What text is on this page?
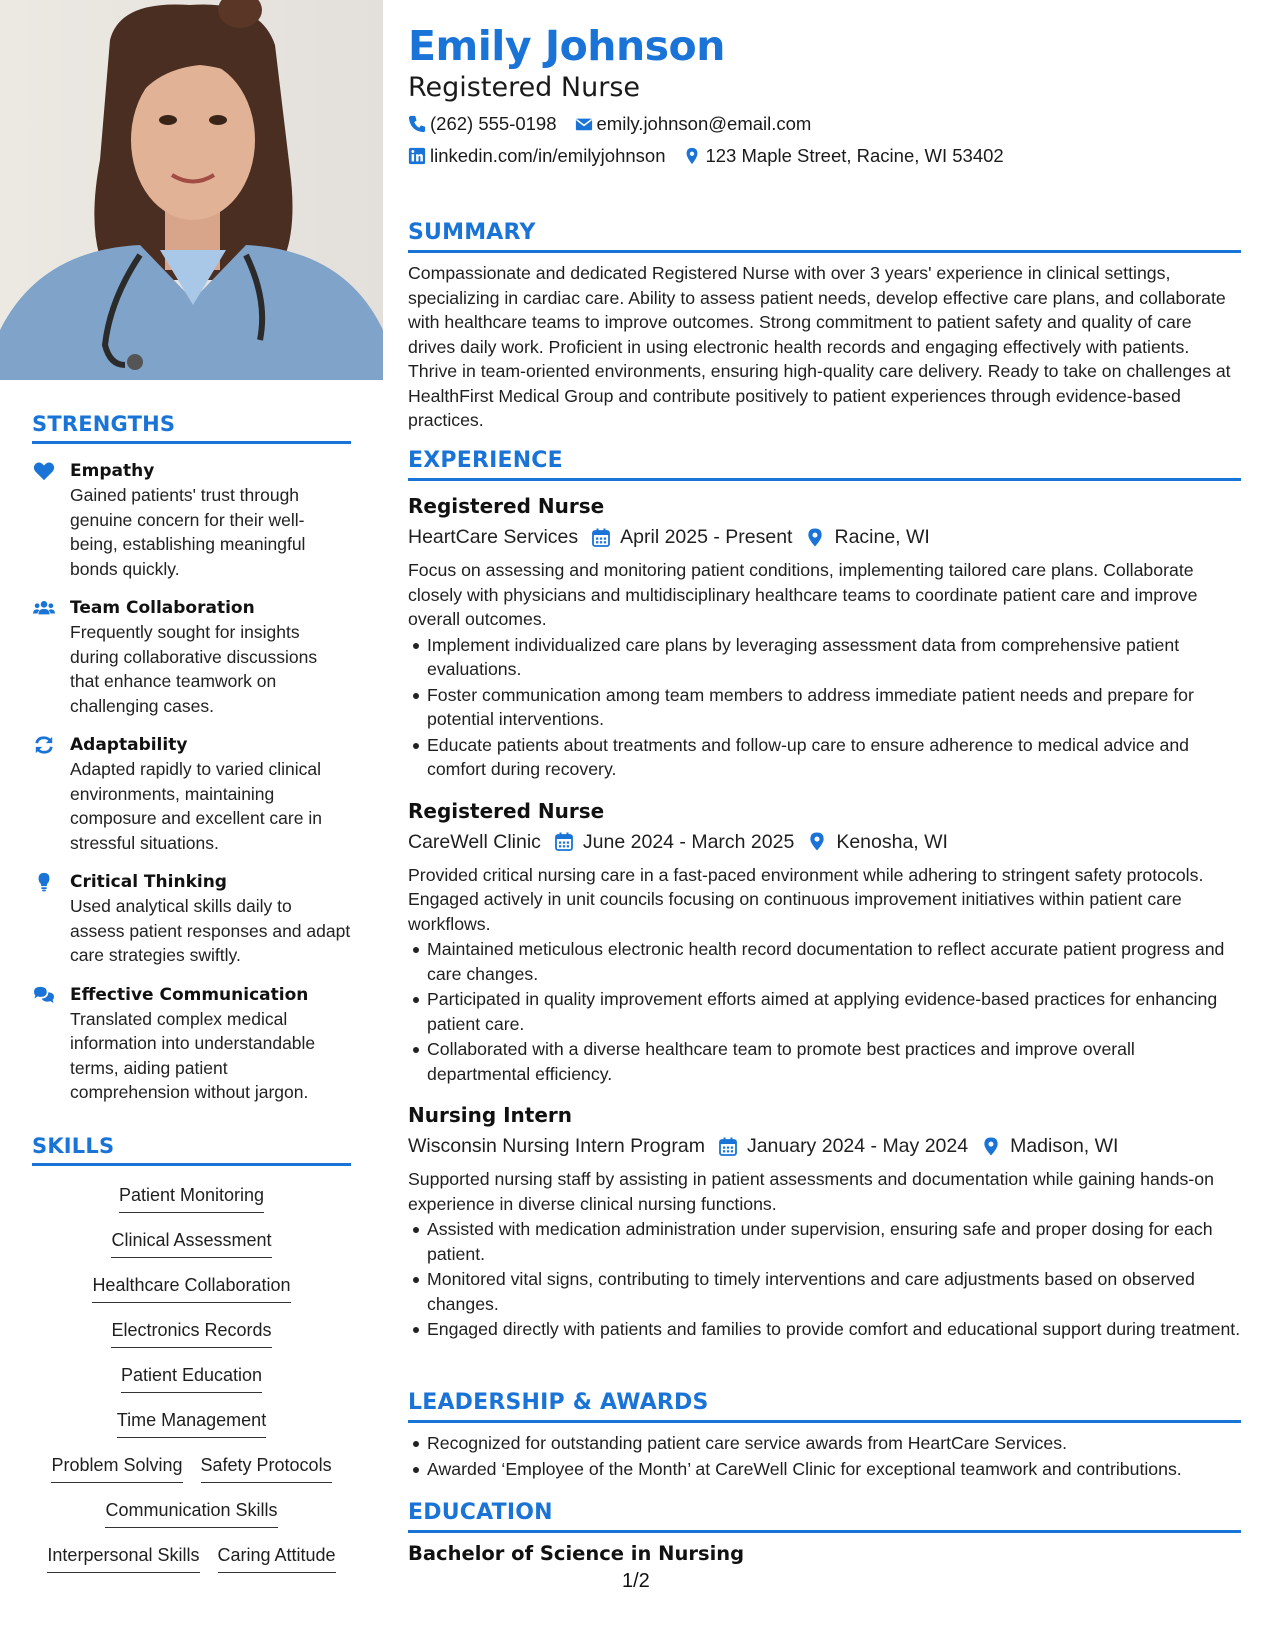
STRENGTHS
Empathy
Gained patients' trust through genuine concern for their well-being, establishing meaningful bonds quickly.
Team Collaboration
Frequently sought for insights during collaborative discussions that enhance teamwork on challenging cases.
Adaptability
Adapted rapidly to varied clinical environments, maintaining composure and excellent care in stressful situations.
Critical Thinking
Used analytical skills daily to assess patient responses and adapt care strategies swiftly.
Effective Communication
Translated complex medical information into understandable terms, aiding patient comprehension without jargon.
SKILLS
Patient Monitoring
Clinical Assessment
Healthcare Collaboration
Electronics Records
Patient Education
Time Management
Problem Solving Safety Protocols
Communication Skills
Interpersonal Skills Caring Attitude
Emily Johnson
Registered Nurse
(262) 555-0198 emily.johnson@email.com
linkedin.com/in/emilyjohnson 123 Maple Street, Racine, WI 53402
SUMMARY
Compassionate and dedicated Registered Nurse with over 3 years' experience in clinical settings, specializing in cardiac care. Ability to assess patient needs, develop effective care plans, and collaborate with healthcare teams to improve outcomes. Strong commitment to patient safety and quality of care drives daily work. Proficient in using electronic health records and engaging effectively with patients. Thrive in team-oriented environments, ensuring high-quality care delivery. Ready to take on challenges at HealthFirst Medical Group and contribute positively to patient experiences through evidence-based practices.
EXPERIENCE
Registered Nurse
HeartCare Services April 2025 - Present Racine, WI
Focus on assessing and monitoring patient conditions, implementing tailored care plans. Collaborate closely with physicians and multidisciplinary healthcare teams to coordinate patient care and improve overall outcomes.
Implement individualized care plans by leveraging assessment data from comprehensive patient evaluations.
Foster communication among team members to address immediate patient needs and prepare for potential interventions.
Educate patients about treatments and follow-up care to ensure adherence to medical advice and comfort during recovery.
Registered Nurse
CareWell Clinic June 2024 - March 2025 Kenosha, WI
Provided critical nursing care in a fast-paced environment while adhering to stringent safety protocols. Engaged actively in unit councils focusing on continuous improvement initiatives within patient care workflows.
Maintained meticulous electronic health record documentation to reflect accurate patient progress and care changes.
Participated in quality improvement efforts aimed at applying evidence-based practices for enhancing patient care.
Collaborated with a diverse healthcare team to promote best practices and improve overall departmental efficiency.
Nursing Intern
Wisconsin Nursing Intern Program January 2024 - May 2024 Madison, WI
Supported nursing staff by assisting in patient assessments and documentation while gaining hands-on experience in diverse clinical nursing functions.
Assisted with medication administration under supervision, ensuring safe and proper dosing for each patient.
Monitored vital signs, contributing to timely interventions and care adjustments based on observed changes.
Engaged directly with patients and families to provide comfort and educational support during treatment.
LEADERSHIP & AWARDS
Recognized for outstanding patient care service awards from HeartCare Services.
Awarded ‘Employee of the Month’ at CareWell Clinic for exceptional teamwork and contributions.
EDUCATION
Bachelor of Science in Nursing
1/2
